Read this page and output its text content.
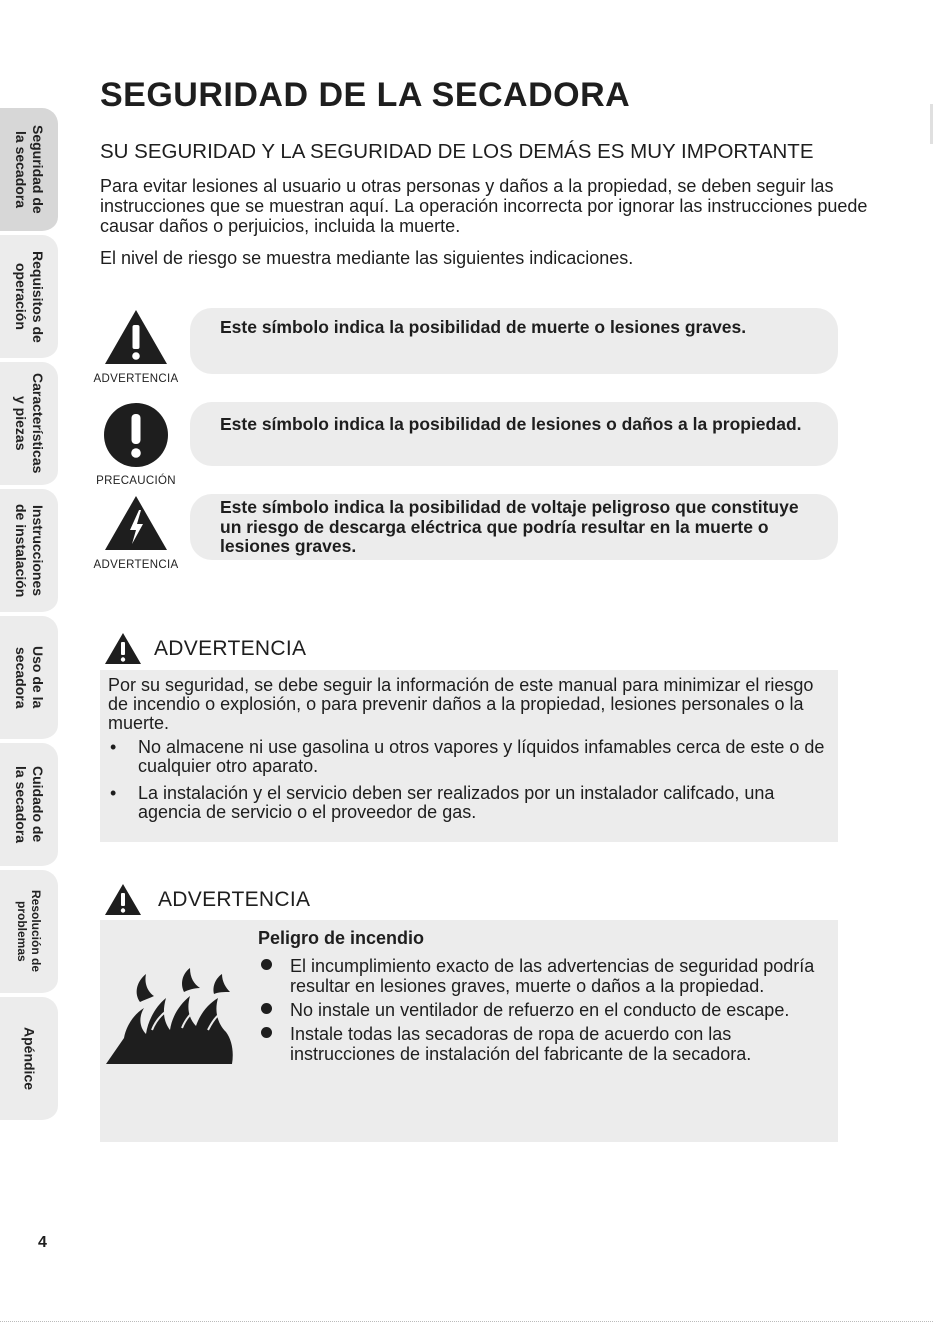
Seguridad de
la secadora
Requisitos de
operación
Características
y piezas
Instrucciones
de instalación
Uso de la
secadora
Cuidado de
la secadora
Resolución de
problemas
Apéndice
SEGURIDAD DE LA SECADORA
SU SEGURIDAD Y LA SEGURIDAD DE LOS DEMÁS ES MUY IMPORTANTE

Para evitar lesiones al usuario u otras personas y daños a la propiedad, se deben seguir las instrucciones que se muestran aquí. La operación incorrecta por ignorar las instrucciones puede causar daños o perjuicios, incluida la muerte.

El nivel de riesgo se muestra mediante las siguientes indicaciones.

ADVERTENCIA
Este símbolo indica la posibilidad de muerte o lesiones graves.
PRECAUCIÓN
Este símbolo indica la posibilidad de lesiones o daños a la propiedad.
ADVERTENCIA
Este símbolo indica la posibilidad de voltaje peligroso que constituye un riesgo de descarga eléctrica que podría resultar en la muerte o lesiones graves.
ADVERTENCIA

Por su seguridad, se debe seguir la información de este manual para minimizar el riesgo de incendio o explosión, o para prevenir daños a la propiedad, lesiones personales o la muerte.

•	No almacene ni use gasolina u otros vapores y líquidos infamables cerca de este o de cualquier otro aparato.
•	La instalación y el servicio deben ser realizados por un instalador califcado, una agencia de servicio o el proveedor de gas.
ADVERTENCIA

Peligro de incendio

El incumplimiento exacto de las advertencias de seguridad podría resultar en lesiones graves, muerte o daños a la propiedad.
No instale un ventilador de refuerzo en el conducto de escape.
Instale todas las secadoras de ropa de acuerdo con las instrucciones de instalación del fabricante de la secadora.
4
